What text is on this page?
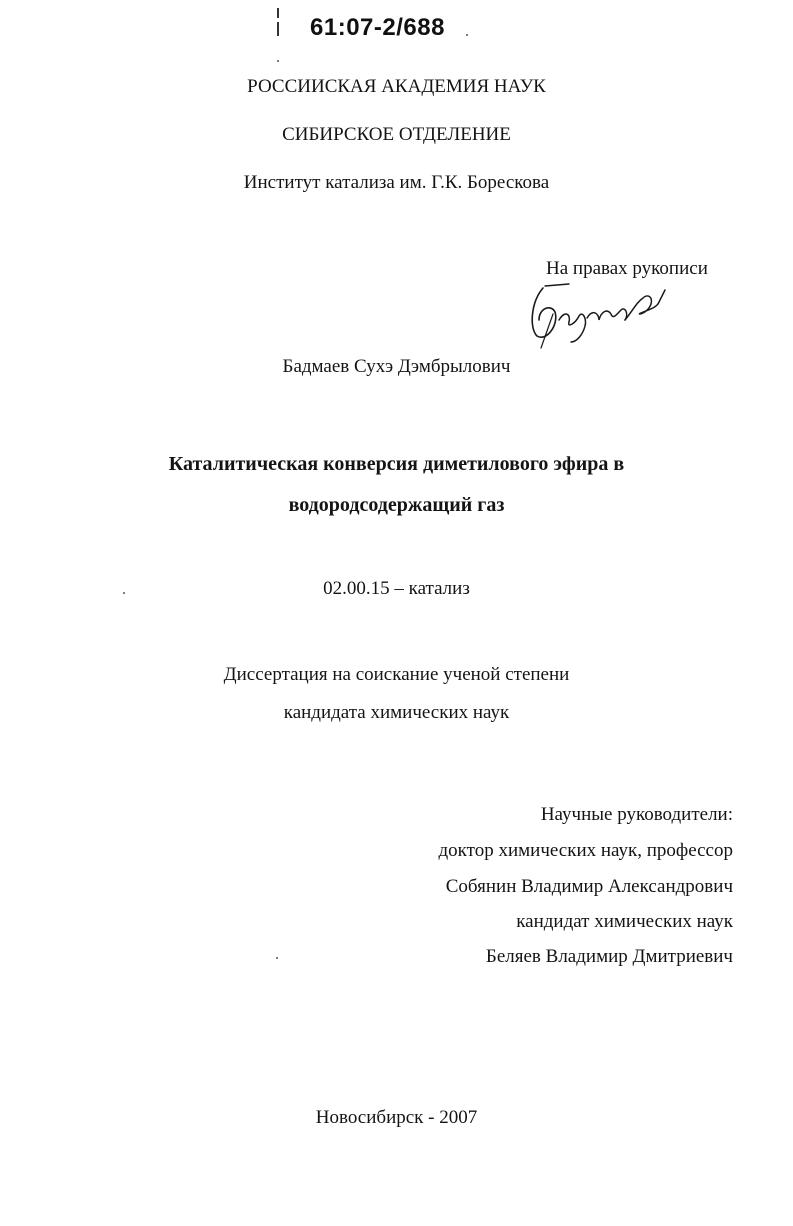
61:07-2/688
РОССИИСКАЯ АКАДЕМИЯ НАУК
СИБИРСКОЕ ОТДЕЛЕНИЕ
Институт катализа им. Г.К. Борескова
На правах рукописи
Бадмаев Сухэ Дэмбрылович
Каталитическая конверсия диметилового эфира в
водородсодержащий газ
02.00.15 – катализ
Диссертация на соискание ученой степени
кандидата химических наук
Научные руководители:
доктор химических наук, профессор
Собянин Владимир Александрович
кандидат химических наук
Беляев Владимир Дмитриевич
Новосибирск - 2007
